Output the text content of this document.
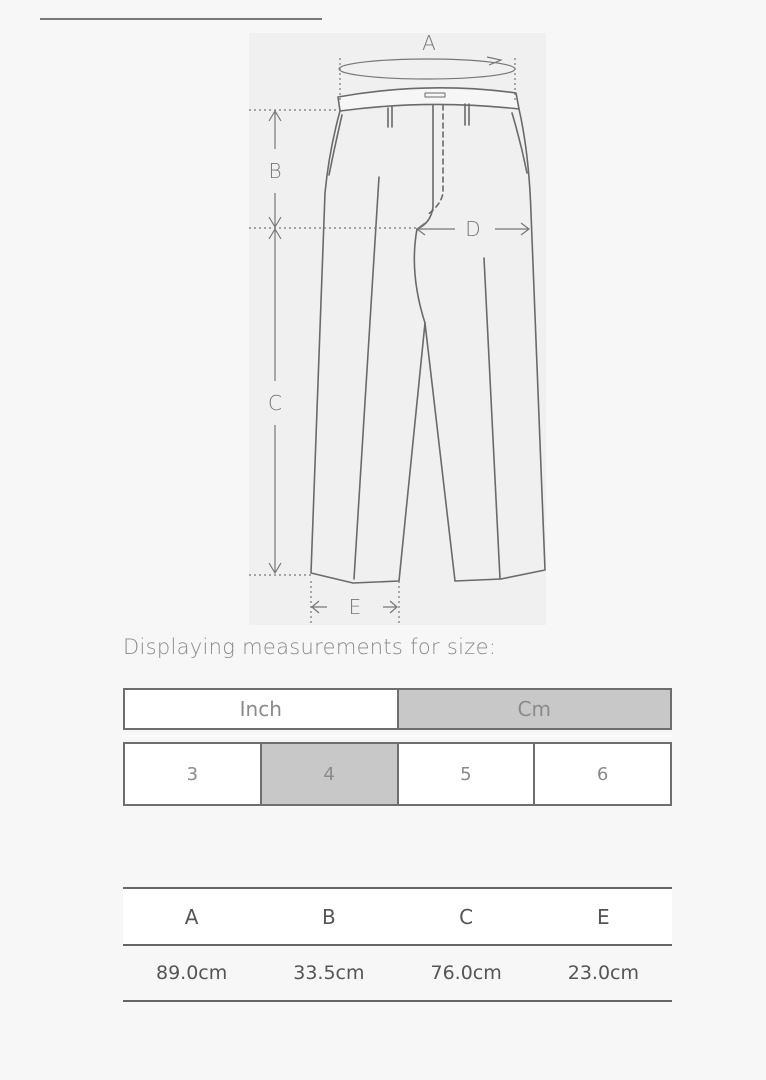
A
B
C
D
E
Displaying measurements for size:
Inch	Cm
3	4	5	6
A	B	C	E
89.0cm	33.5cm	76.0cm	23.0cm
